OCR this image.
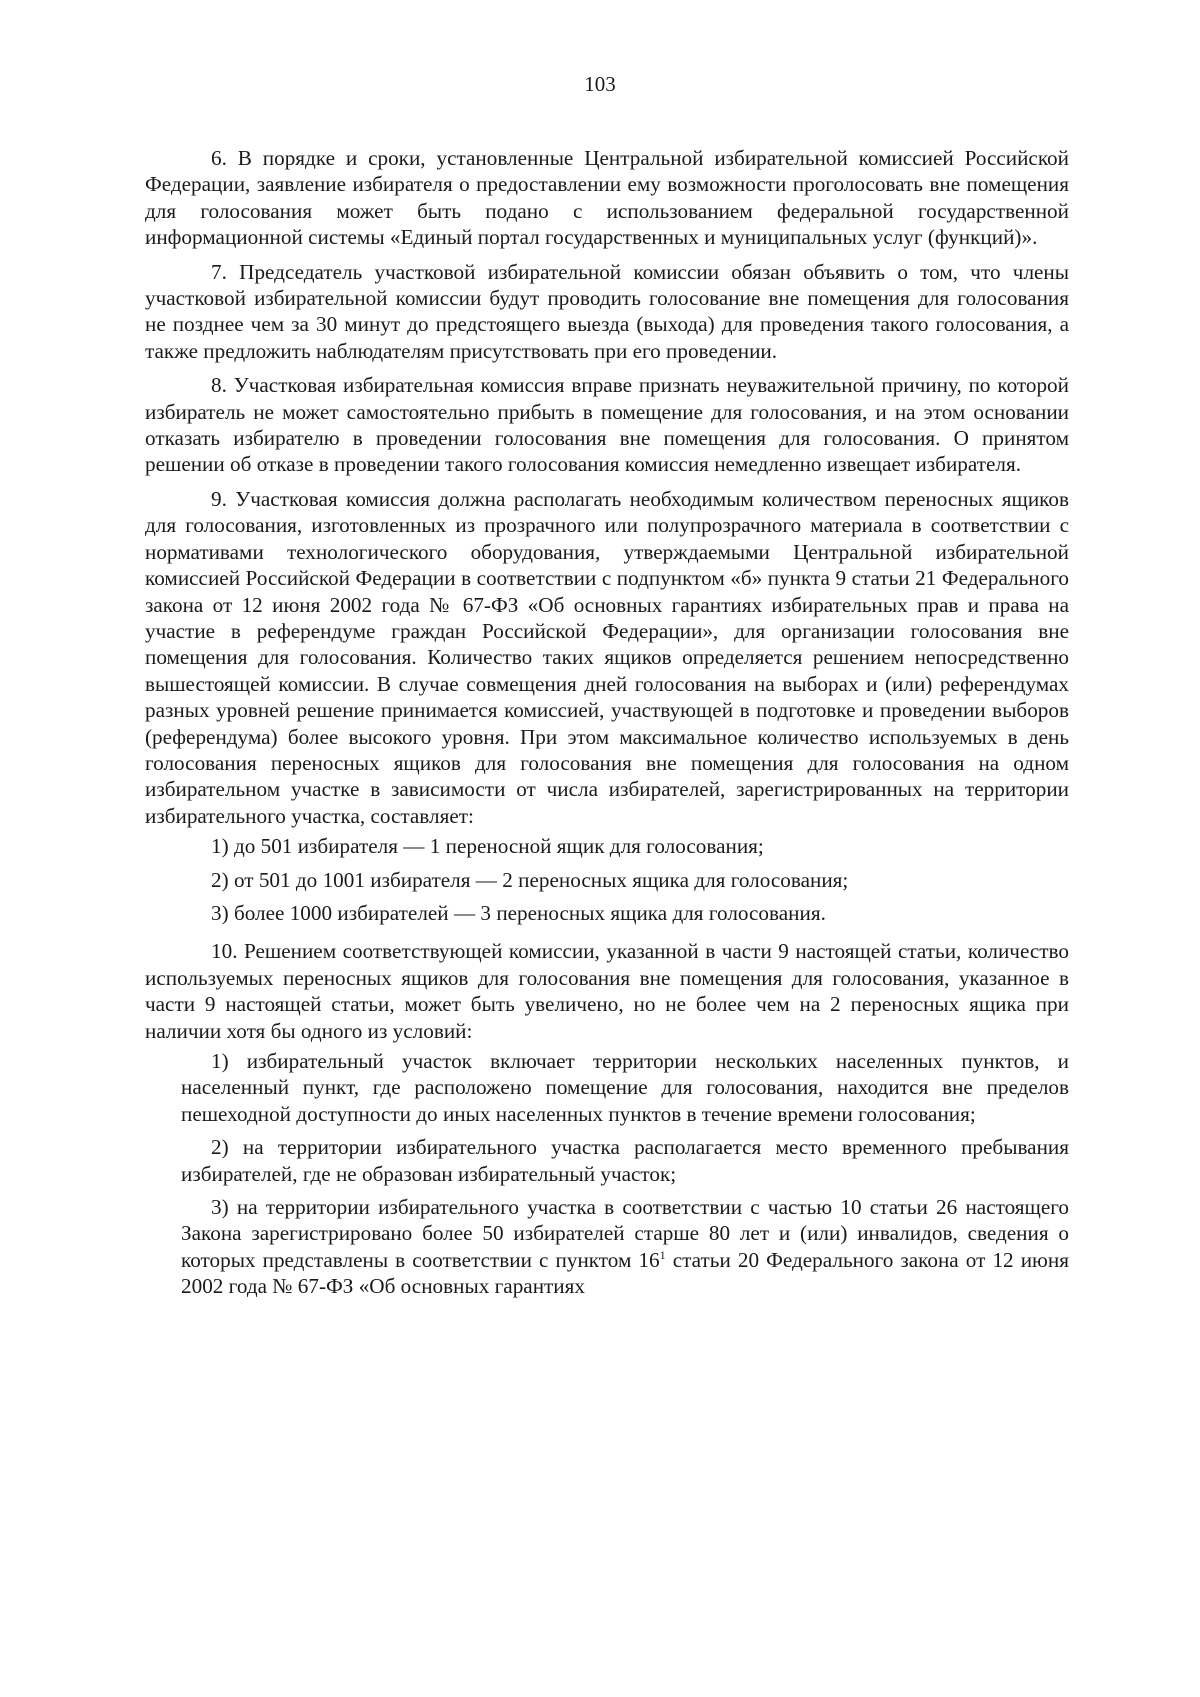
103

6. В порядке и сроки, установленные Центральной избирательной комиссией Российской Федерации, заявление избирателя о предоставлении ему возможности проголосовать вне помещения для голосования может быть подано с использованием федеральной государственной информационной системы «Единый портал государственных и муниципальных услуг (функций)».

7. Председатель участковой избирательной комиссии обязан объявить о том, что члены участковой избирательной комиссии будут проводить голосование вне помещения для голосования не позднее чем за 30 минут до предстоящего выезда (выхода) для проведения такого голосования, а также предложить наблюдателям присутствовать при его проведении.

8. Участковая избирательная комиссия вправе признать неуважительной причину, по которой избиратель не может самостоятельно прибыть в помещение для голосования, и на этом основании отказать избирателю в проведении голосования вне помещения для голосования. О принятом решении об отказе в проведении такого голосования комиссия немедленно извещает избирателя.

9. Участковая комиссия должна располагать необходимым количеством переносных ящиков для голосования, изготовленных из прозрачного или полупрозрачного материала в соответствии с нормативами технологического оборудования, утверждаемыми Центральной избирательной комиссией Российской Федерации в соответствии с подпунктом «б» пункта 9 статьи 21 Федерального закона от 12 июня 2002 года № 67-ФЗ «Об основных гарантиях избирательных прав и права на участие в референдуме граждан Российской Федерации», для организации голосования вне помещения для голосования. Количество таких ящиков определяется решением непосредственно вышестоящей комиссии. В случае совмещения дней голосования на выборах и (или) референдумах разных уровней решение принимается комиссией, участвующей в подготовке и проведении выборов (референдума) более высокого уровня. При этом максимальное количество используемых в день голосования переносных ящиков для голосования вне помещения для голосования на одном избирательном участке в зависимости от числа избирателей, зарегистрированных на территории избирательного участка, составляет:

1) до 501 избирателя — 1 переносной ящик для голосования;

2) от 501 до 1001 избирателя — 2 переносных ящика для голосования;

3) более 1000 избирателей — 3 переносных ящика для голосования.

10. Решением соответствующей комиссии, указанной в части 9 настоящей статьи, количество используемых переносных ящиков для голосования вне помещения для голосования, указанное в части 9 настоящей статьи, может быть увеличено, но не более чем на 2 переносных ящика при наличии хотя бы одного из условий:

1) избирательный участок включает территории нескольких населенных пунктов, и населенный пункт, где расположено помещение для голосования, находится вне пределов пешеходной доступности до иных населенных пунктов в течение времени голосования;

2) на территории избирательного участка располагается место временного пребывания избирателей, где не образован избирательный участок;

3) на территории избирательного участка в соответствии с частью 10 статьи 26 настоящего Закона зарегистрировано более 50 избирателей старше 80 лет и (или) инвалидов, сведения о которых представлены в соответствии с пунктом $16^1$ статьи 20 Федерального закона от 12 июня 2002 года № 67-ФЗ «Об основных гарантиях
